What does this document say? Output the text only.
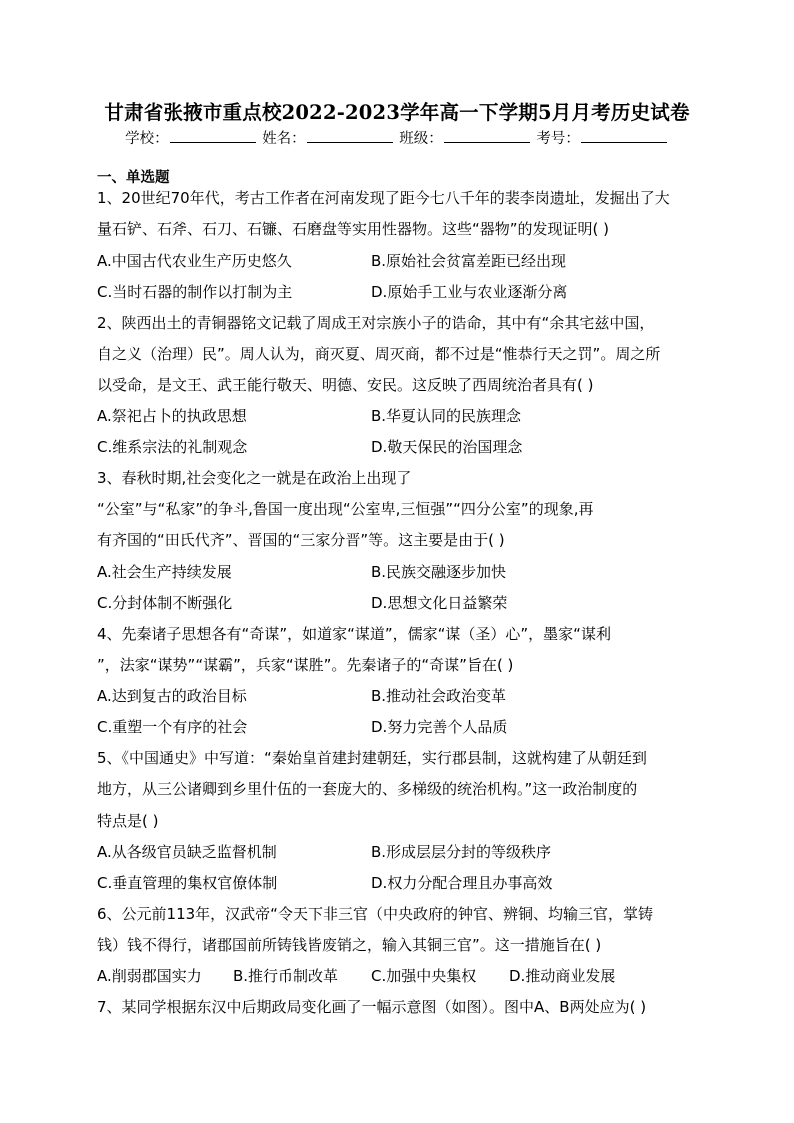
甘肃省张掖市重点校2022-2023学年高一下学期5月月考历史试卷
学校：	姓名：	班级：	考号：
一、单选题
1、20世纪70年代，考古工作者在河南发现了距今七八千年的裴李岗遗址，发掘出了大
量石铲、石斧、石刀、石镰、石磨盘等实用性器物。这些“器物”的发现证明( )
A.中国古代农业生产历史悠久	B.原始社会贫富差距已经出现
C.当时石器的制作以打制为主	D.原始手工业与农业逐渐分离
2、陕西出土的青铜器铭文记载了周成王对宗族小子的诰命，其中有“余其宅兹中国，
自之义（治理）民”。周人认为，商灭夏、周灭商，都不过是“惟恭行天之罚”。周之所
以受命，是文王、武王能行敬天、明德、安民。这反映了西周统治者具有( )
A.祭祀占卜的执政思想	B.华夏认同的民族理念
C.维系宗法的礼制观念	D.敬天保民的治国理念
3、春秋时期,社会变化之一就是在政治上出现了
“公室”与“私家”的争斗,鲁国一度出现“公室卑,三恒强”“四分公室”的现象,再
有齐国的“田氏代齐”、晋国的“三家分晋”等。这主要是由于( )
A.社会生产持续发展	B.民族交融逐步加快
C.分封体制不断强化	D.思想文化日益繁荣
4、先秦诸子思想各有“奇谋”，如道家“谋道”，儒家“谋（圣）心”，墨家“谋利
”，法家“谋势”“谋霸”，兵家“谋胜”。先秦诸子的“奇谋”旨在( )
A.达到复古的政治目标	B.推动社会政治变革
C.重塑一个有序的社会	D.努力完善个人品质
5、《中国通史》中写道：“秦始皇首建封建朝廷，实行郡县制，这就构建了从朝廷到
地方，从三公诸卿到乡里什伍的一套庞大的、多梯级的统治机构。”这一政治制度的
特点是( )
A.从各级官员缺乏监督机制	B.形成层层分封的等级秩序
C.垂直管理的集权官僚体制	D.权力分配合理且办事高效
6、公元前113年，汉武帝“令天下非三官（中央政府的钟官、辨铜、均输三官，掌铸
钱）钱不得行，诸郡国前所铸钱皆废销之，输入其铜三官”。这一措施旨在( )
A.削弱郡国实力 B.推行币制改革 C.加强中央集权 D.推动商业发展
7、某同学根据东汉中后期政局变化画了一幅示意图（如图）。图中A、B两处应为( )
